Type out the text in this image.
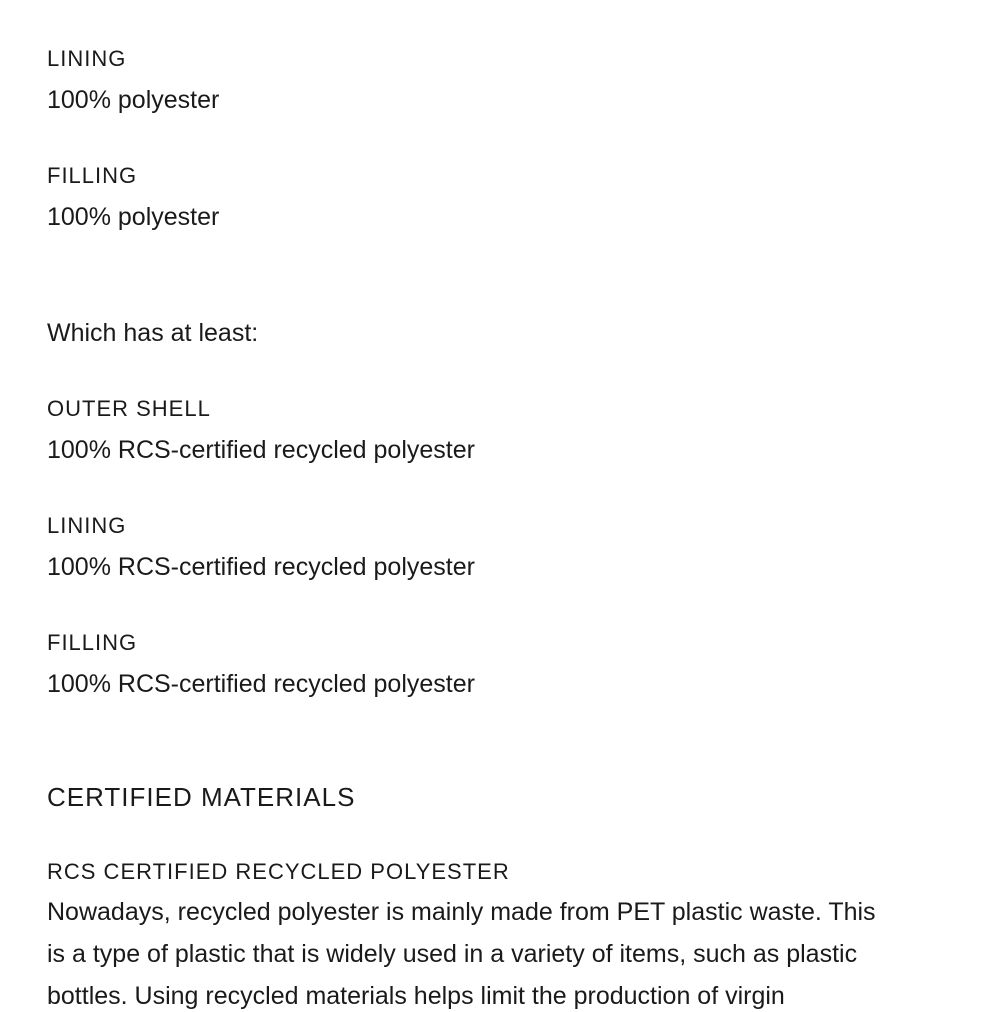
LINING
100% polyester
FILLING
100% polyester
Which has at least:
OUTER SHELL
100% RCS-certified recycled polyester
LINING
100% RCS-certified recycled polyester
FILLING
100% RCS-certified recycled polyester
CERTIFIED MATERIALS
RCS CERTIFIED RECYCLED POLYESTER
Nowadays, recycled polyester is mainly made from PET plastic waste. This
is a type of plastic that is widely used in a variety of items, such as plastic
bottles. Using recycled materials helps limit the production of virgin
